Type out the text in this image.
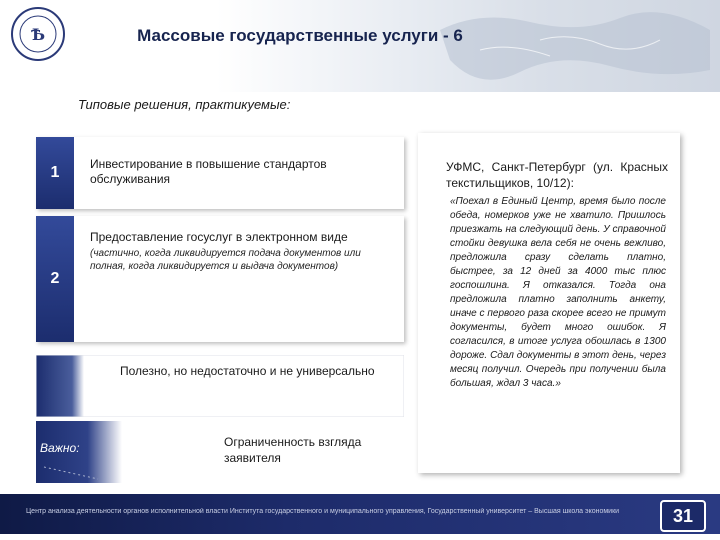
Ѣ	Массовые государственные услуги - 6
Типовые решения, практикуемые:
1	Инвестирование в повышение стандартов обслуживания
2
Предоставление госуслуг в электронном виде
(частично, когда ликвидируется подача документов или полная, когда ликвидируется и выдача документов)
Полезно, но недостаточно и не универсально
Важно:	Ограниченность взгляда заявителя
УФМС, Санкт-Петербург (ул. Красных текстильщиков, 10/12):
«Поехал в Единый Центр, время было после обеда, номерков уже не хватило. Пришлось приезжать на следующий день. У справочной стойки девушка вела себя не очень вежливо, предложила сразу сделать платно, быстрее, за 12 дней за 4000 тыс плюс госпошлина. Я отказался. Тогда она предложила платно заполнить анкету, иначе с первого раза скорее всего не примут документы, будет много ошибок. Я согласился, в итоге услуга обошлась в 1300 дороже. Сдал документы в этот день, через месяц получил. Очередь при получении была большая, ждал 3 часа.»
Центр анализа деятельности органов исполнительной власти Института государственного и муниципального управления, Государственный университет – Высшая школа экономики	31
